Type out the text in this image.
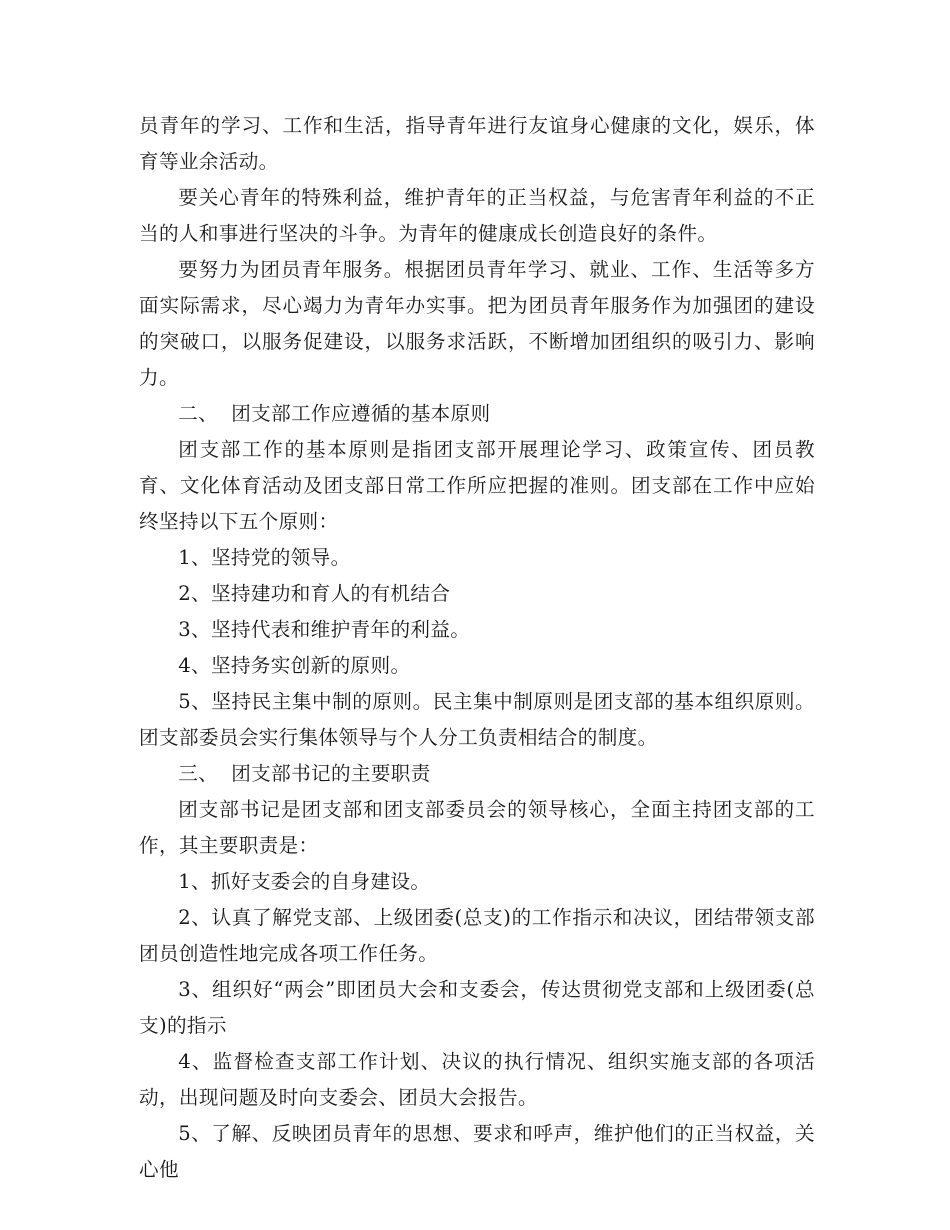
员青年的学习、工作和生活，指导青年进行友谊身心健康的文化，娱乐，体育等业余活动。

要关心青年的特殊利益，维护青年的正当权益，与危害青年利益的不正当的人和事进行坚决的斗争。为青年的健康成长创造良好的条件。

要努力为团员青年服务。根据团员青年学习、就业、工作、生活等多方面实际需求，尽心竭力为青年办实事。把为团员青年服务作为加强团的建设的突破口，以服务促建设，以服务求活跃，不断增加团组织的吸引力、影响力。

二、  团支部工作应遵循的基本原则

团支部工作的基本原则是指团支部开展理论学习、政策宣传、团员教育、文化体育活动及团支部日常工作所应把握的准则。团支部在工作中应始终坚持以下五个原则：

1、坚持党的领导。

2、坚持建功和育人的有机结合

3、坚持代表和维护青年的利益。

4、坚持务实创新的原则。

5、坚持民主集中制的原则。民主集中制原则是团支部的基本组织原则。团支部委员会实行集体领导与个人分工负责相结合的制度。

三、  团支部书记的主要职责

团支部书记是团支部和团支部委员会的领导核心，全面主持团支部的工作，其主要职责是：

1、抓好支委会的自身建设。

2、认真了解党支部、上级团委(总支)的工作指示和决议，团结带领支部团员创造性地完成各项工作任务。

3、组织好“两会”即团员大会和支委会，传达贯彻党支部和上级团委(总支)的指示

4、监督检查支部工作计划、决议的执行情况、组织实施支部的各项活动，出现问题及时向支委会、团员大会报告。

5、了解、反映团员青年的思想、要求和呼声，维护他们的正当权益，关心他
